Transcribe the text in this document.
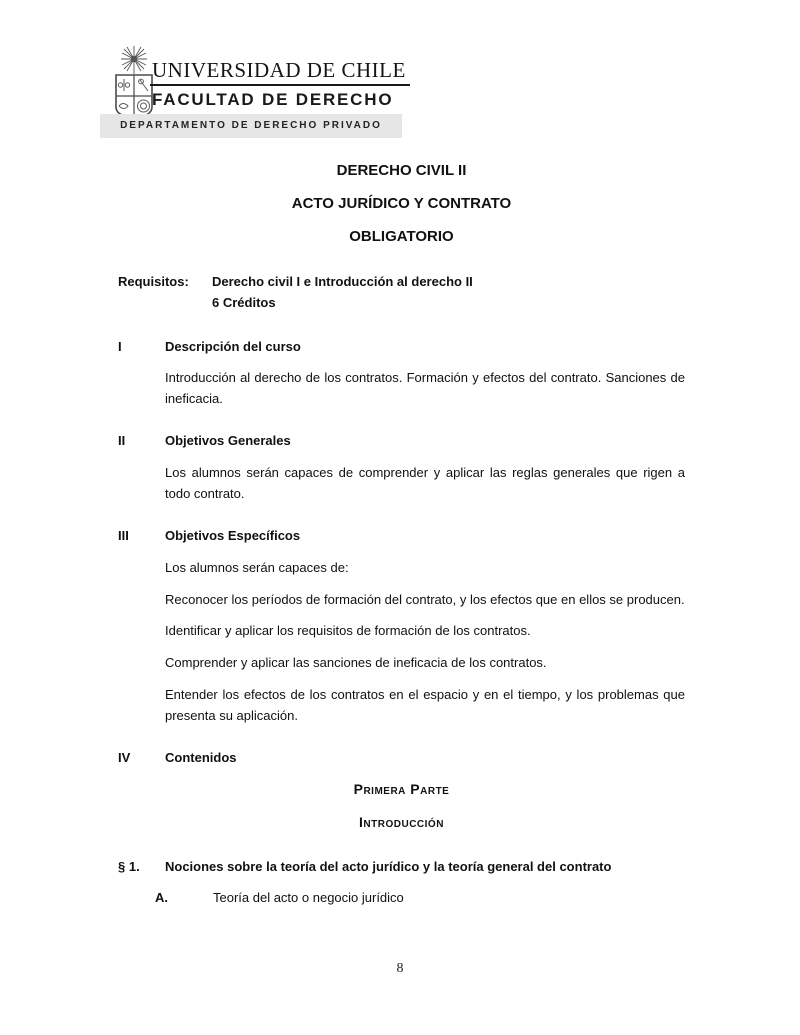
UNIVERSIDAD DE CHILE
FACULTAD DE DERECHO
DEPARTAMENTO DE DERECHO PRIVADO
DERECHO CIVIL II
ACTO JURÍDICO Y CONTRATO
OBLIGATORIO
Requisitos:	Derecho civil I e Introducción al derecho II
6 Créditos
I	Descripción del curso

Introducción al derecho de los contratos. Formación y efectos del contrato. Sanciones de ineficacia.

II	Objetivos Generales

Los alumnos serán capaces de comprender y aplicar las reglas generales que rigen a todo contrato.

III	Objetivos Específicos

Los alumnos serán capaces de:

Reconocer los períodos de formación del contrato, y los efectos que en ellos se producen.

Identificar y aplicar los requisitos de formación de los contratos.

Comprender y aplicar las sanciones de ineficacia de los contratos.

Entender los efectos de los contratos en el espacio y en el tiempo, y los problemas que presenta su aplicación.

IV	Contenidos
Primera Parte
Introducción
§ 1.	Nociones sobre la teoría del acto jurídico y la teoría general del contrato
A.	Teoría del acto o negocio jurídico
8
